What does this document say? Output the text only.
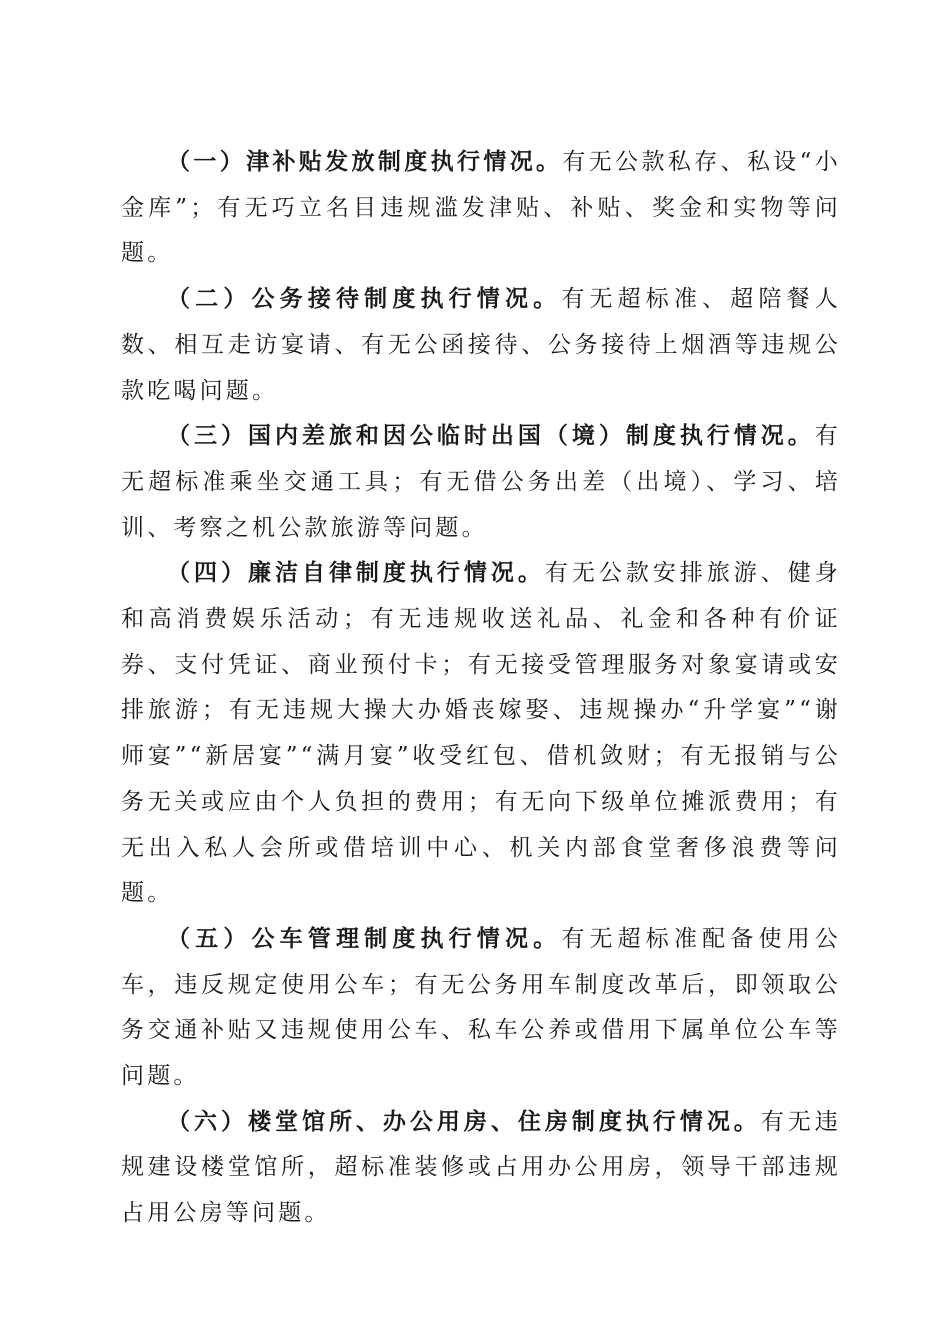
（一）津补贴发放制度执行情况。有无公款私存、私设“小金库”；有无巧立名目违规滥发津贴、补贴、奖金和实物等问题。

（二）公务接待制度执行情况。有无超标准、超陪餐人数、相互走访宴请、有无公函接待、公务接待上烟酒等违规公款吃喝问题。

（三）国内差旅和因公临时出国（境）制度执行情况。有无超标准乘坐交通工具；有无借公务出差（出境）、学习、培训、考察之机公款旅游等问题。

（四）廉洁自律制度执行情况。有无公款安排旅游、健身和高消费娱乐活动；有无违规收送礼品、礼金和各种有价证券、支付凭证、商业预付卡；有无接受管理服务对象宴请或安排旅游；有无违规大操大办婚丧嫁娶、违规操办“升学宴”“谢师宴”“新居宴”“满月宴”收受红包、借机敛财；有无报销与公务无关或应由个人负担的费用；有无向下级单位摊派费用；有无出入私人会所或借培训中心、机关内部食堂奢侈浪费等问题。

（五）公车管理制度执行情况。有无超标准配备使用公车，违反规定使用公车；有无公务用车制度改革后，即领取公务交通补贴又违规使用公车、私车公养或借用下属单位公车等问题。

（六）楼堂馆所、办公用房、住房制度执行情况。有无违规建设楼堂馆所，超标准装修或占用办公用房，领导干部违规占用公房等问题。
